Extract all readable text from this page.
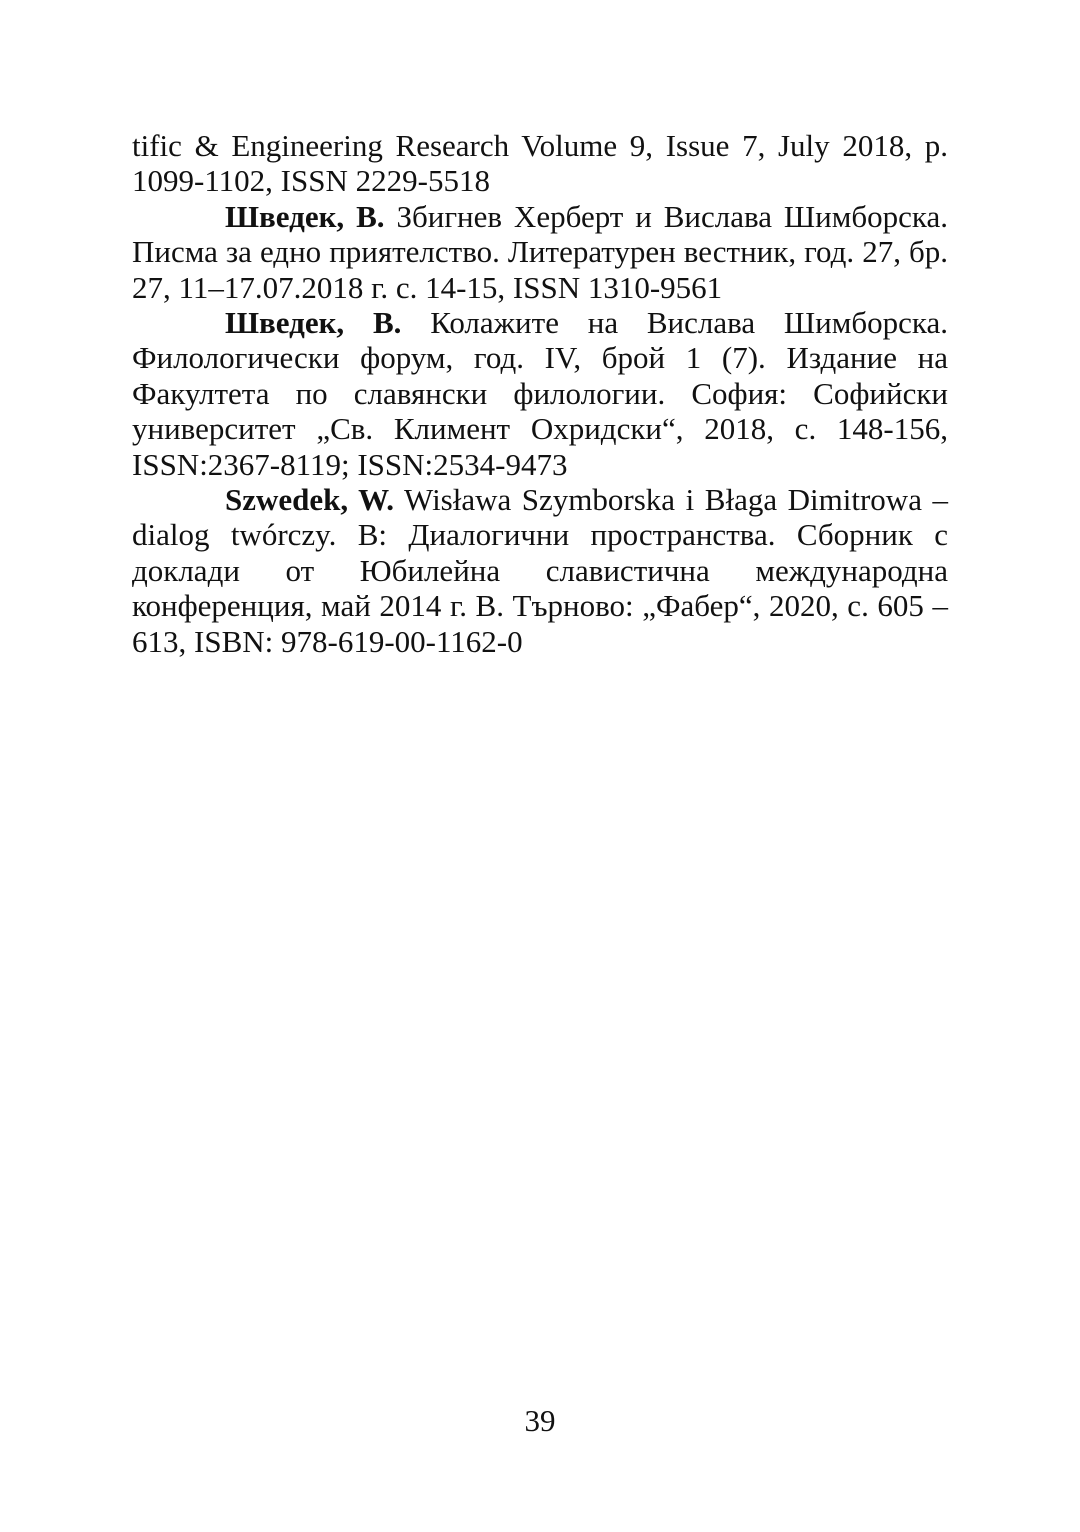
tific & Engineering Research Volume 9, Issue 7, July 2018, p. 1099-1102, ISSN 2229-5518

Шведек, В. Збигнев Херберт и Вислава Шимборска. Писма за едно приятелство. Литературен вестник, год. 27, бр. 27, 11–17.07.2018 г. с. 14-15, ISSN 1310-9561

Шведек, В. Колажите на Вислава Шимборска. Филологически форум, год. IV, брой 1 (7). Издание на Факултета по славянски филологии. София: Софийски университет „Св. Климент Охридски“, 2018, с. 148-156, ISSN:2367-8119; ISSN:2534-9473

Szwedek, W. Wisława Szymborska i Błaga Dimitrowa – dialog twórczy. В: Диалогични пространства. Сборник с доклади от Юбилейна славистична международна конференция, май 2014 г. В. Търново: „Фабер“, 2020, с. 605 – 613, ISBN: 978-619-00-1162-0

39
